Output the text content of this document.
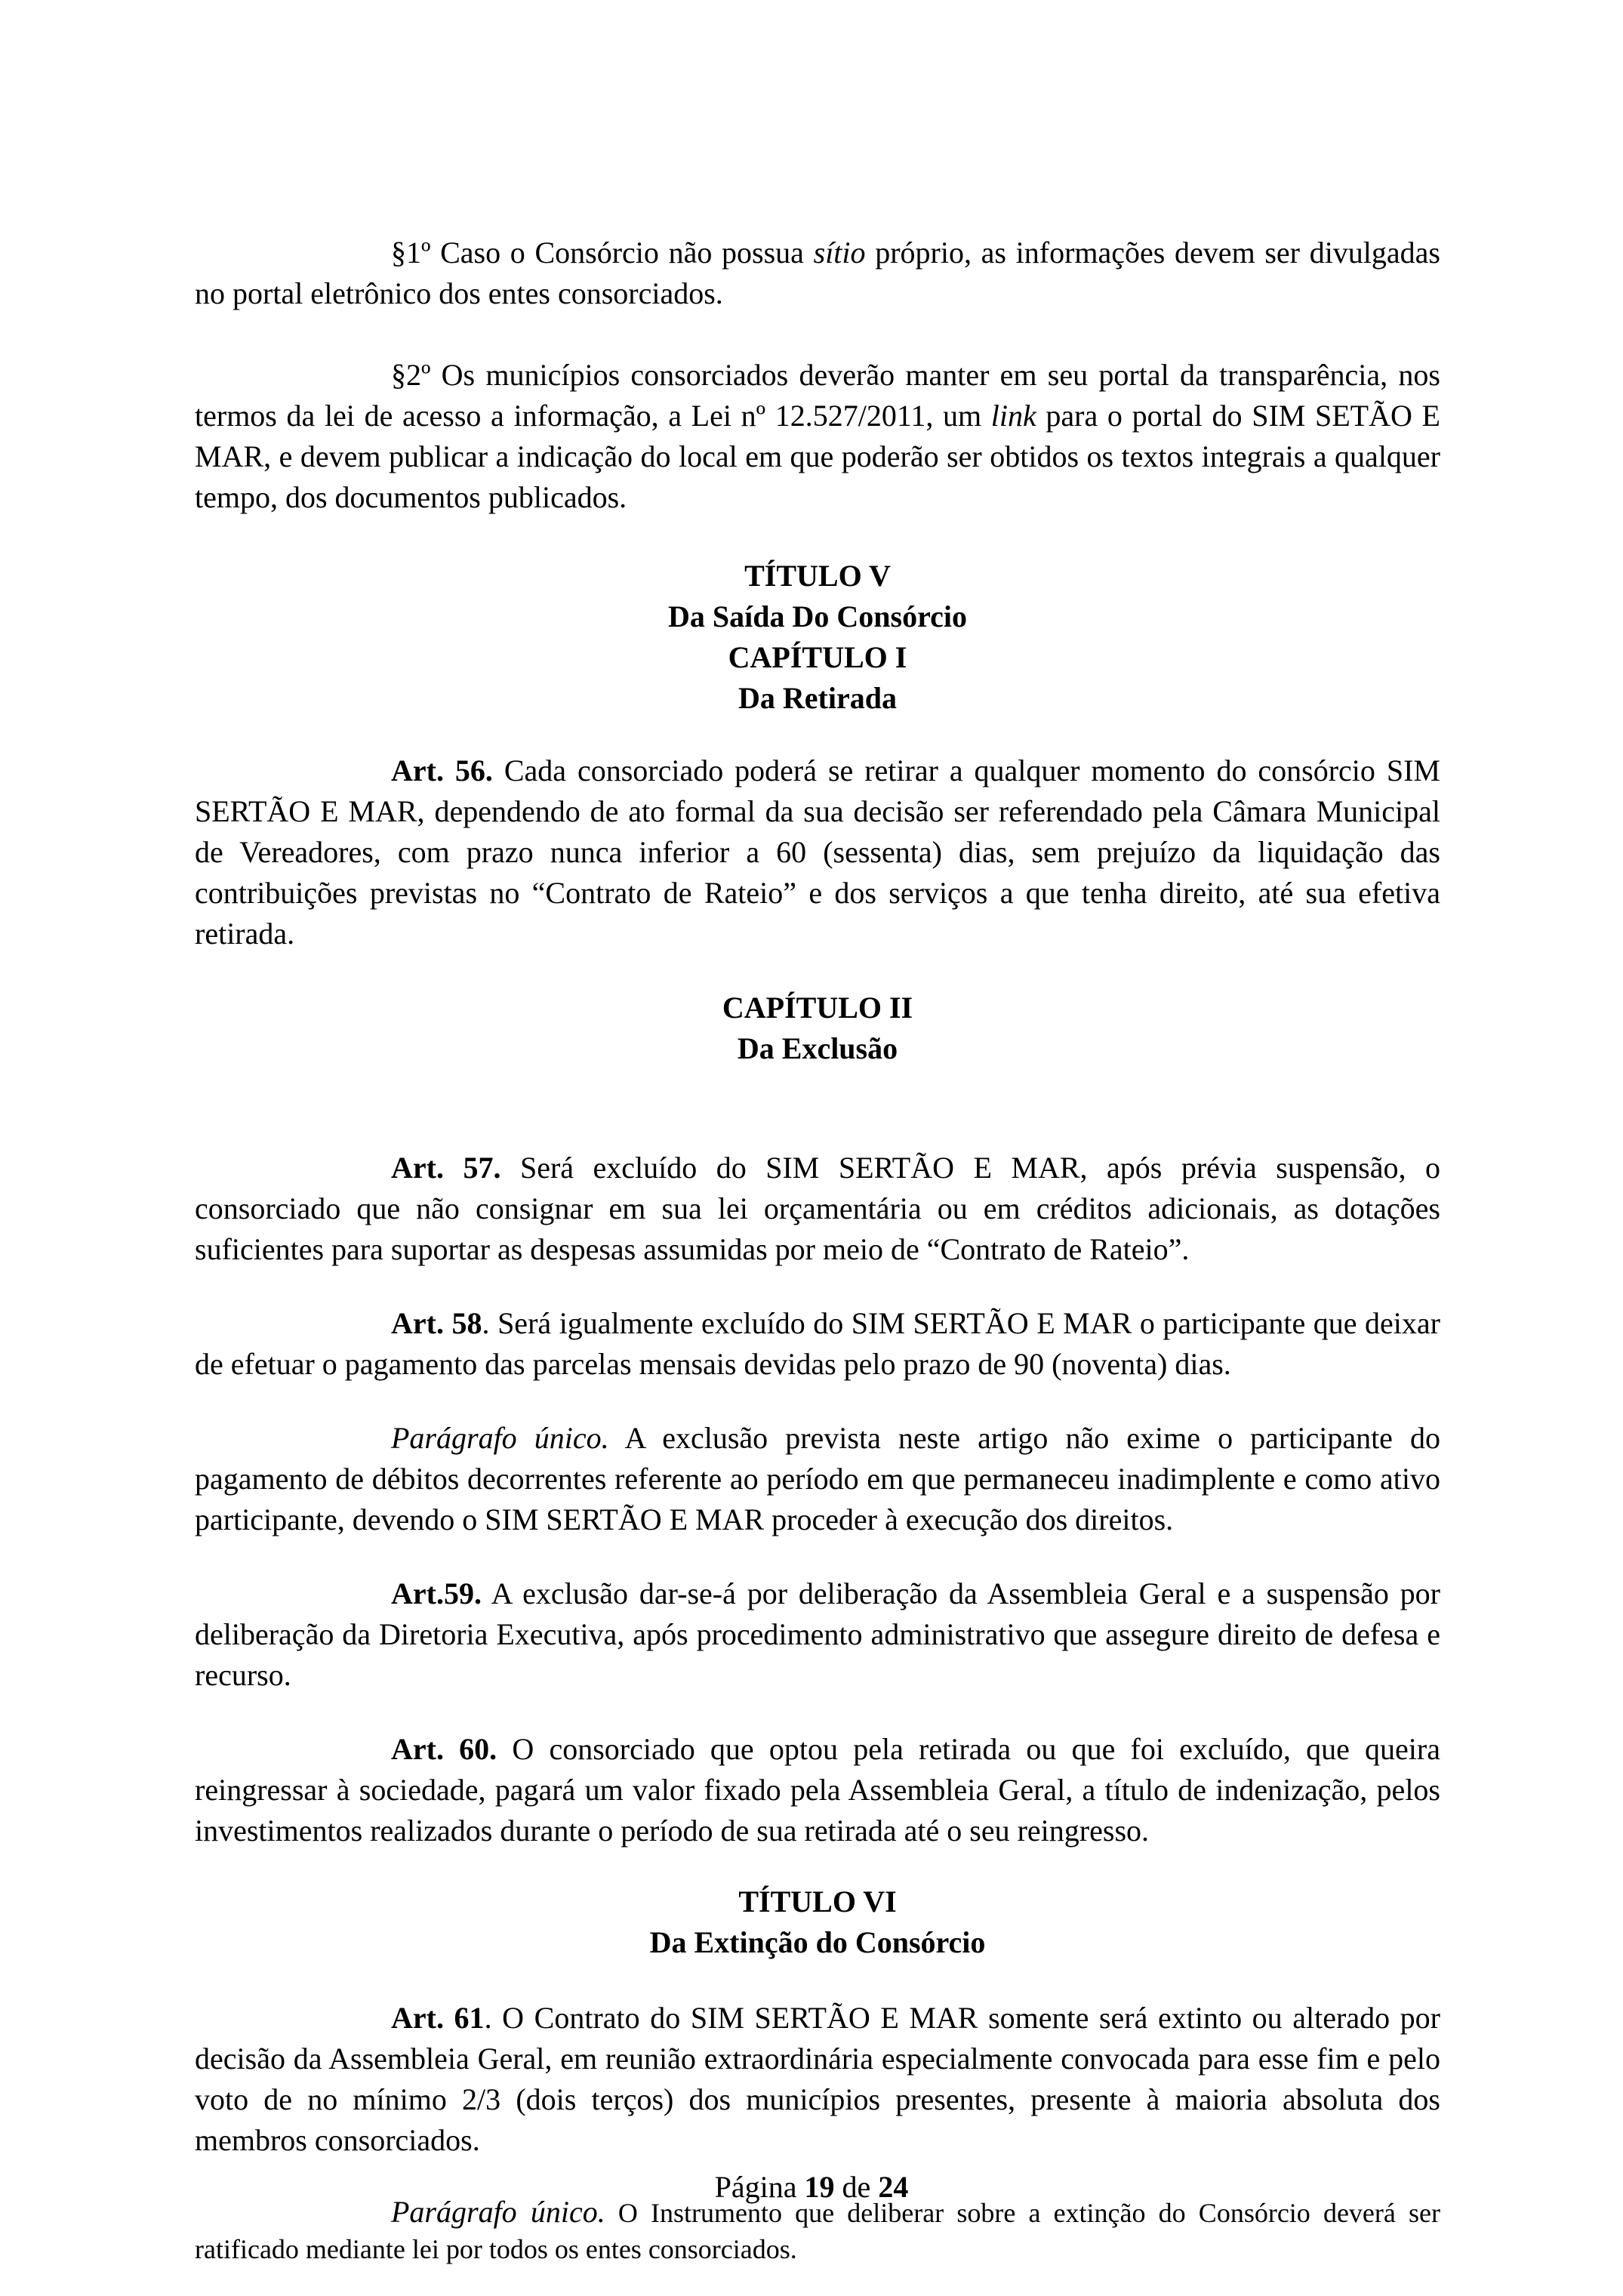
§1º Caso o Consórcio não possua sítio próprio, as informações devem ser divulgadas no portal eletrônico dos entes consorciados.

§2º Os municípios consorciados deverão manter em seu portal da transparência, nos termos da lei de acesso a informação, a Lei nº 12.527/2011, um link para o portal do SIM SETÃO E MAR, e devem publicar a indicação do local em que poderão ser obtidos os textos integrais a qualquer tempo, dos documentos publicados.

TÍTULO V
Da Saída Do Consórcio
CAPÍTULO I
Da Retirada

Art. 56. Cada consorciado poderá se retirar a qualquer momento do consórcio SIM SERTÃO E MAR, dependendo de ato formal da sua decisão ser referendado pela Câmara Municipal de Vereadores, com prazo nunca inferior a 60 (sessenta) dias, sem prejuízo da liquidação das contribuições previstas no “Contrato de Rateio” e dos serviços a que tenha direito, até sua efetiva retirada.

CAPÍTULO II
Da Exclusão

Art. 57. Será excluído do SIM SERTÃO E MAR, após prévia suspensão, o consorciado que não consignar em sua lei orçamentária ou em créditos adicionais, as dotações suficientes para suportar as despesas assumidas por meio de “Contrato de Rateio”.

Art. 58. Será igualmente excluído do SIM SERTÃO E MAR o participante que deixar de efetuar o pagamento das parcelas mensais devidas pelo prazo de 90 (noventa) dias.

Parágrafo único. A exclusão prevista neste artigo não exime o participante do pagamento de débitos decorrentes referente ao período em que permaneceu inadimplente e como ativo participante, devendo o SIM SERTÃO E MAR proceder à execução dos direitos.

Art.59. A exclusão dar-se-á por deliberação da Assembleia Geral e a suspensão por deliberação da Diretoria Executiva, após procedimento administrativo que assegure direito de defesa e recurso.

Art. 60. O consorciado que optou pela retirada ou que foi excluído, que queira reingressar à sociedade, pagará um valor fixado pela Assembleia Geral, a título de indenização, pelos investimentos realizados durante o período de sua retirada até o seu reingresso.

TÍTULO VI
Da Extinção do Consórcio

Art. 61. O Contrato do SIM SERTÃO E MAR somente será extinto ou alterado por decisão da Assembleia Geral, em reunião extraordinária especialmente convocada para esse fim e pelo voto de no mínimo 2/3 (dois terços) dos municípios presentes, presente à maioria absoluta dos membros consorciados.

Parágrafo único. O Instrumento que deliberar sobre a extinção do Consórcio deverá ser ratificado mediante lei por todos os entes consorciados.

Página 19 de 24
